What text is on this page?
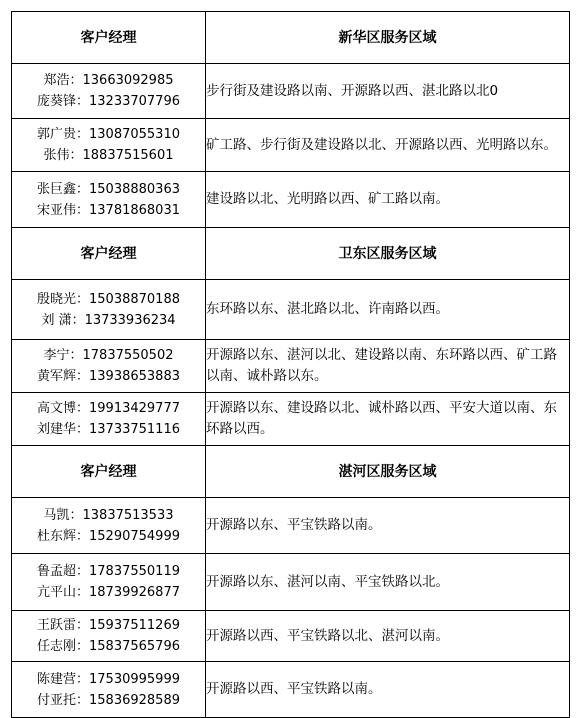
客户经理	新华区服务区域

郑浩：13663092985
庞葵锋：13233707796	步行街及建设路以南、开源路以西、湛北路以北0

郭广贵：13087055310
张伟：18837515601	矿工路、步行街及建设路以北、开源路以西、光明路以东。

张巨鑫：15038880363
宋亚伟：13781868031	建设路以北、光明路以西、矿工路以南。
客户经理	卫东区服务区域

殷晓光：15038870188
刘 潇：13733936234	东环路以东、湛北路以北、许南路以西。

李宁：17837550502
黄军辉：13938653883	开源路以东、湛河以北、建设路以南、东环路以西、矿工路以南、诚朴路以东。

高文博：19913429777
刘建华：13733751116	开源路以东、建设路以北、诚朴路以西、平安大道以南、东环路以西。
客户经理	湛河区服务区域

马凯：13837513533
杜东辉：15290754999	开源路以东、平宝铁路以南。

鲁孟超：17837550119
亢平山：18739926877	开源路以东、湛河以南、平宝铁路以北。

王跃雷：15937511269
任志刚：15837565796	开源路以西、平宝铁路以北、湛河以南。

陈建营：17530995999
付亚托：15836928589	开源路以西、平宝铁路以南。
